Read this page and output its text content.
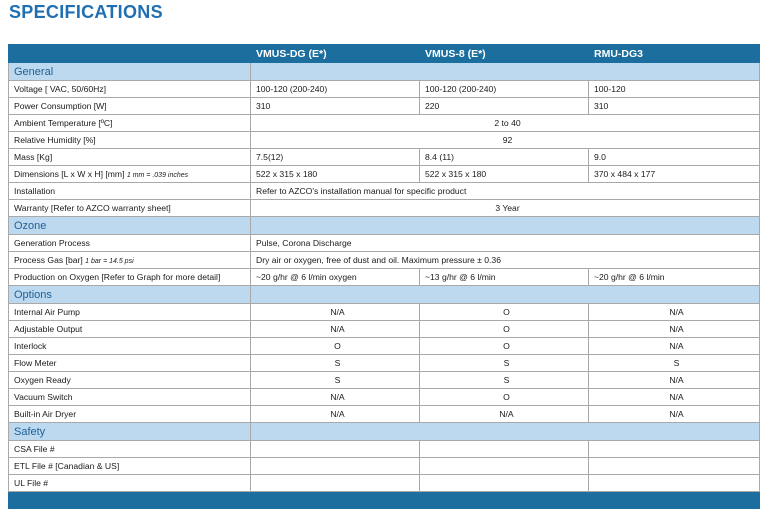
SPECIFICATIONS
	VMUS-DG (E*)	VMUS-8 (E*)	RMU-DG3
General			
Voltage [ VAC, 50/60Hz]	100-120 (200-240)	100-120 (200-240)	100-120
Power Consumption [W]	310	220	310
Ambient Temperature [ºC]	2 to 40		
Relative Humidity [%]	92		
Mass [Kg]	7.5(12)	8.4 (11)	9.0
Dimensions [L x W x H] [mm] 1 mm = .039 inches	522 x 315 x 180	522 x 315 x 180	370 x 484 x 177
Installation	Refer to AZCO's installation manual for specific product		
Warranty [Refer to AZCO warranty sheet]	3 Year		
Ozone			
Generation Process	Pulse, Corona Discharge		
Process Gas [bar] 1 bar = 14.5 psi	Dry air or oxygen, free of dust and oil. Maximum pressure ± 0.36		
Production on Oxygen [Refer to Graph for more detail]	~20 g/hr @ 6 l/min oxygen	~13 g/hr @ 6 l/min	~20 g/hr @ 6 l/min
Options			
Internal Air Pump	N/A	O	N/A
Adjustable Output	N/A	O	N/A
Interlock	O	O	N/A
Flow Meter	S	S	S
Oxygen Ready	S	S	N/A
Vacuum Switch	N/A	O	N/A
Built-in Air Dryer	N/A	N/A	N/A
Safety			
CSA File #			
ETL File # [Canadian & US]			
UL File #			
